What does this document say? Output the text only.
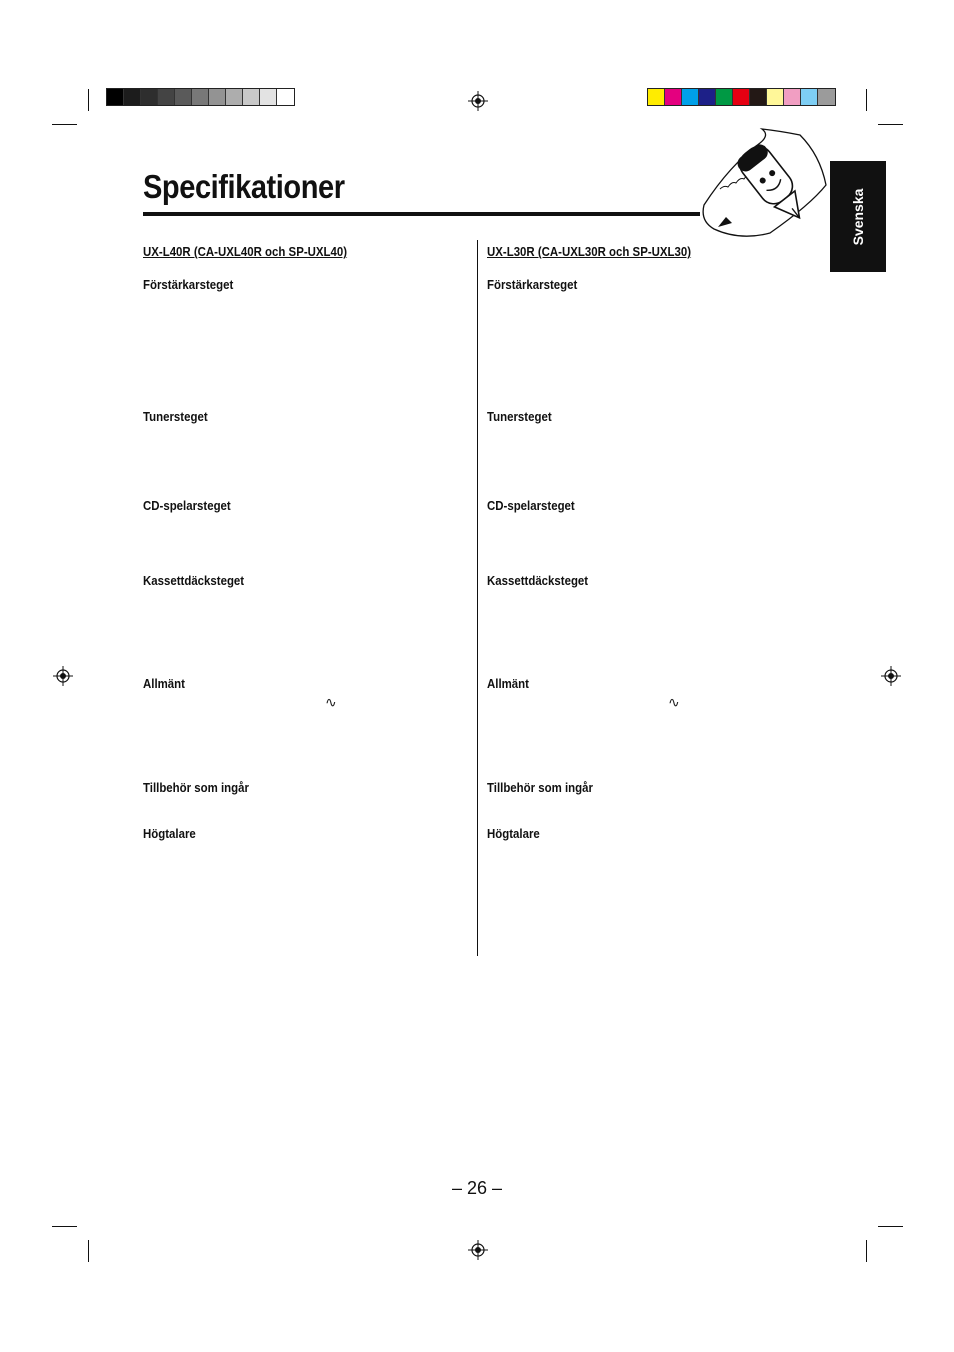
Specifikationer
Svenska
UX-L40R (CA-UXL40R och SP-UXL40)
Förstärkarsteget
Tunersteget
CD-spelarsteget
Kassettdäcksteget
Allmänt
∿
Tillbehör som ingår
Högtalare
UX-L30R (CA-UXL30R och SP-UXL30)
Förstärkarsteget
Tunersteget
CD-spelarsteget
Kassettdäcksteget
Allmänt
∿
Tillbehör som ingår
Högtalare
– 26 –
